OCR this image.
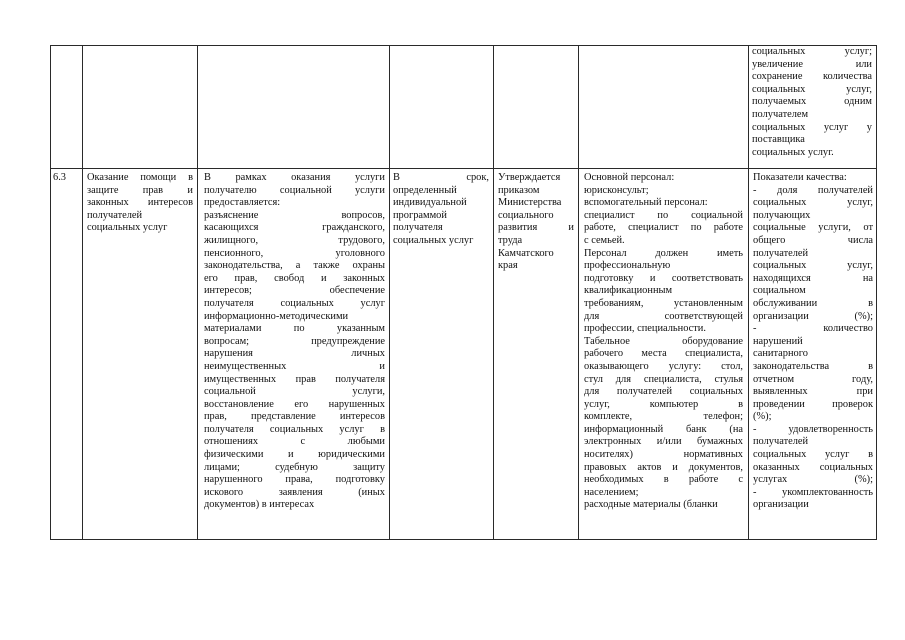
социальных услуг;
увеличение или
сохранение количества
социальных услуг,
получаемых одним
получателем
социальных услуг у
поставщика
социальных услуг.
6.3	Оказание помощи в
защите прав и
законных интересов
получателей
социальных услуг
В рамках оказания услуги
получателю социальной услуги
предоставляется:
разъяснение вопросов,
касающихся гражданского,
жилищного, трудового,
пенсионного, уголовного
законодательства, а также охраны
его прав, свобод и законных
интересов; обеспечение
получателя социальных услуг
информационно-методическими
материалами по указанным
вопросам; предупреждение
нарушения личных
неимущественных и
имущественных прав получателя
социальной услуги,
восстановление его нарушенных
прав, представление интересов
получателя социальных услуг в
отношениях с любыми
физическими и юридическими
лицами; судебную защиту
нарушенного права, подготовку
искового заявления (иных
документов) в интересах
В срок,
определенный
индивидуальной
программой
получателя
социальных услуг
Утверждается
приказом
Министерства
социального
развития и
труда
Камчатского
края
Основной персонал:
юрисконсульт;
вспомогательный персонал:
специалист по социальной
работе, специалист по работе
с семьей.
Персонал должен иметь
профессиональную
подготовку и соответствовать
квалификационным
требованиям, установленным
для соответствующей
профессии, специальности.
Табельное оборудование
рабочего места специалиста,
оказывающего услугу: стол,
стул для специалиста, стулья
для получателей социальных
услуг, компьютер в
комплекте, телефон;
информационный банк (на
электронных и/или бумажных
носителях) нормативных
правовых актов и документов,
необходимых в работе с
населением;
расходные материалы (бланки
Показатели качества:
- доля получателей
социальных услуг,
получающих
социальные услуги, от
общего числа
получателей
социальных услуг,
находящихся на
социальном
обслуживании в
организации (%);
- количество
нарушений
санитарного
законодательства в
отчетном году,
выявленных при
проведении проверок
(%);
- удовлетворенность
получателей
социальных услуг в
оказанных социальных
услугах (%);
- укомплектованность
организации
